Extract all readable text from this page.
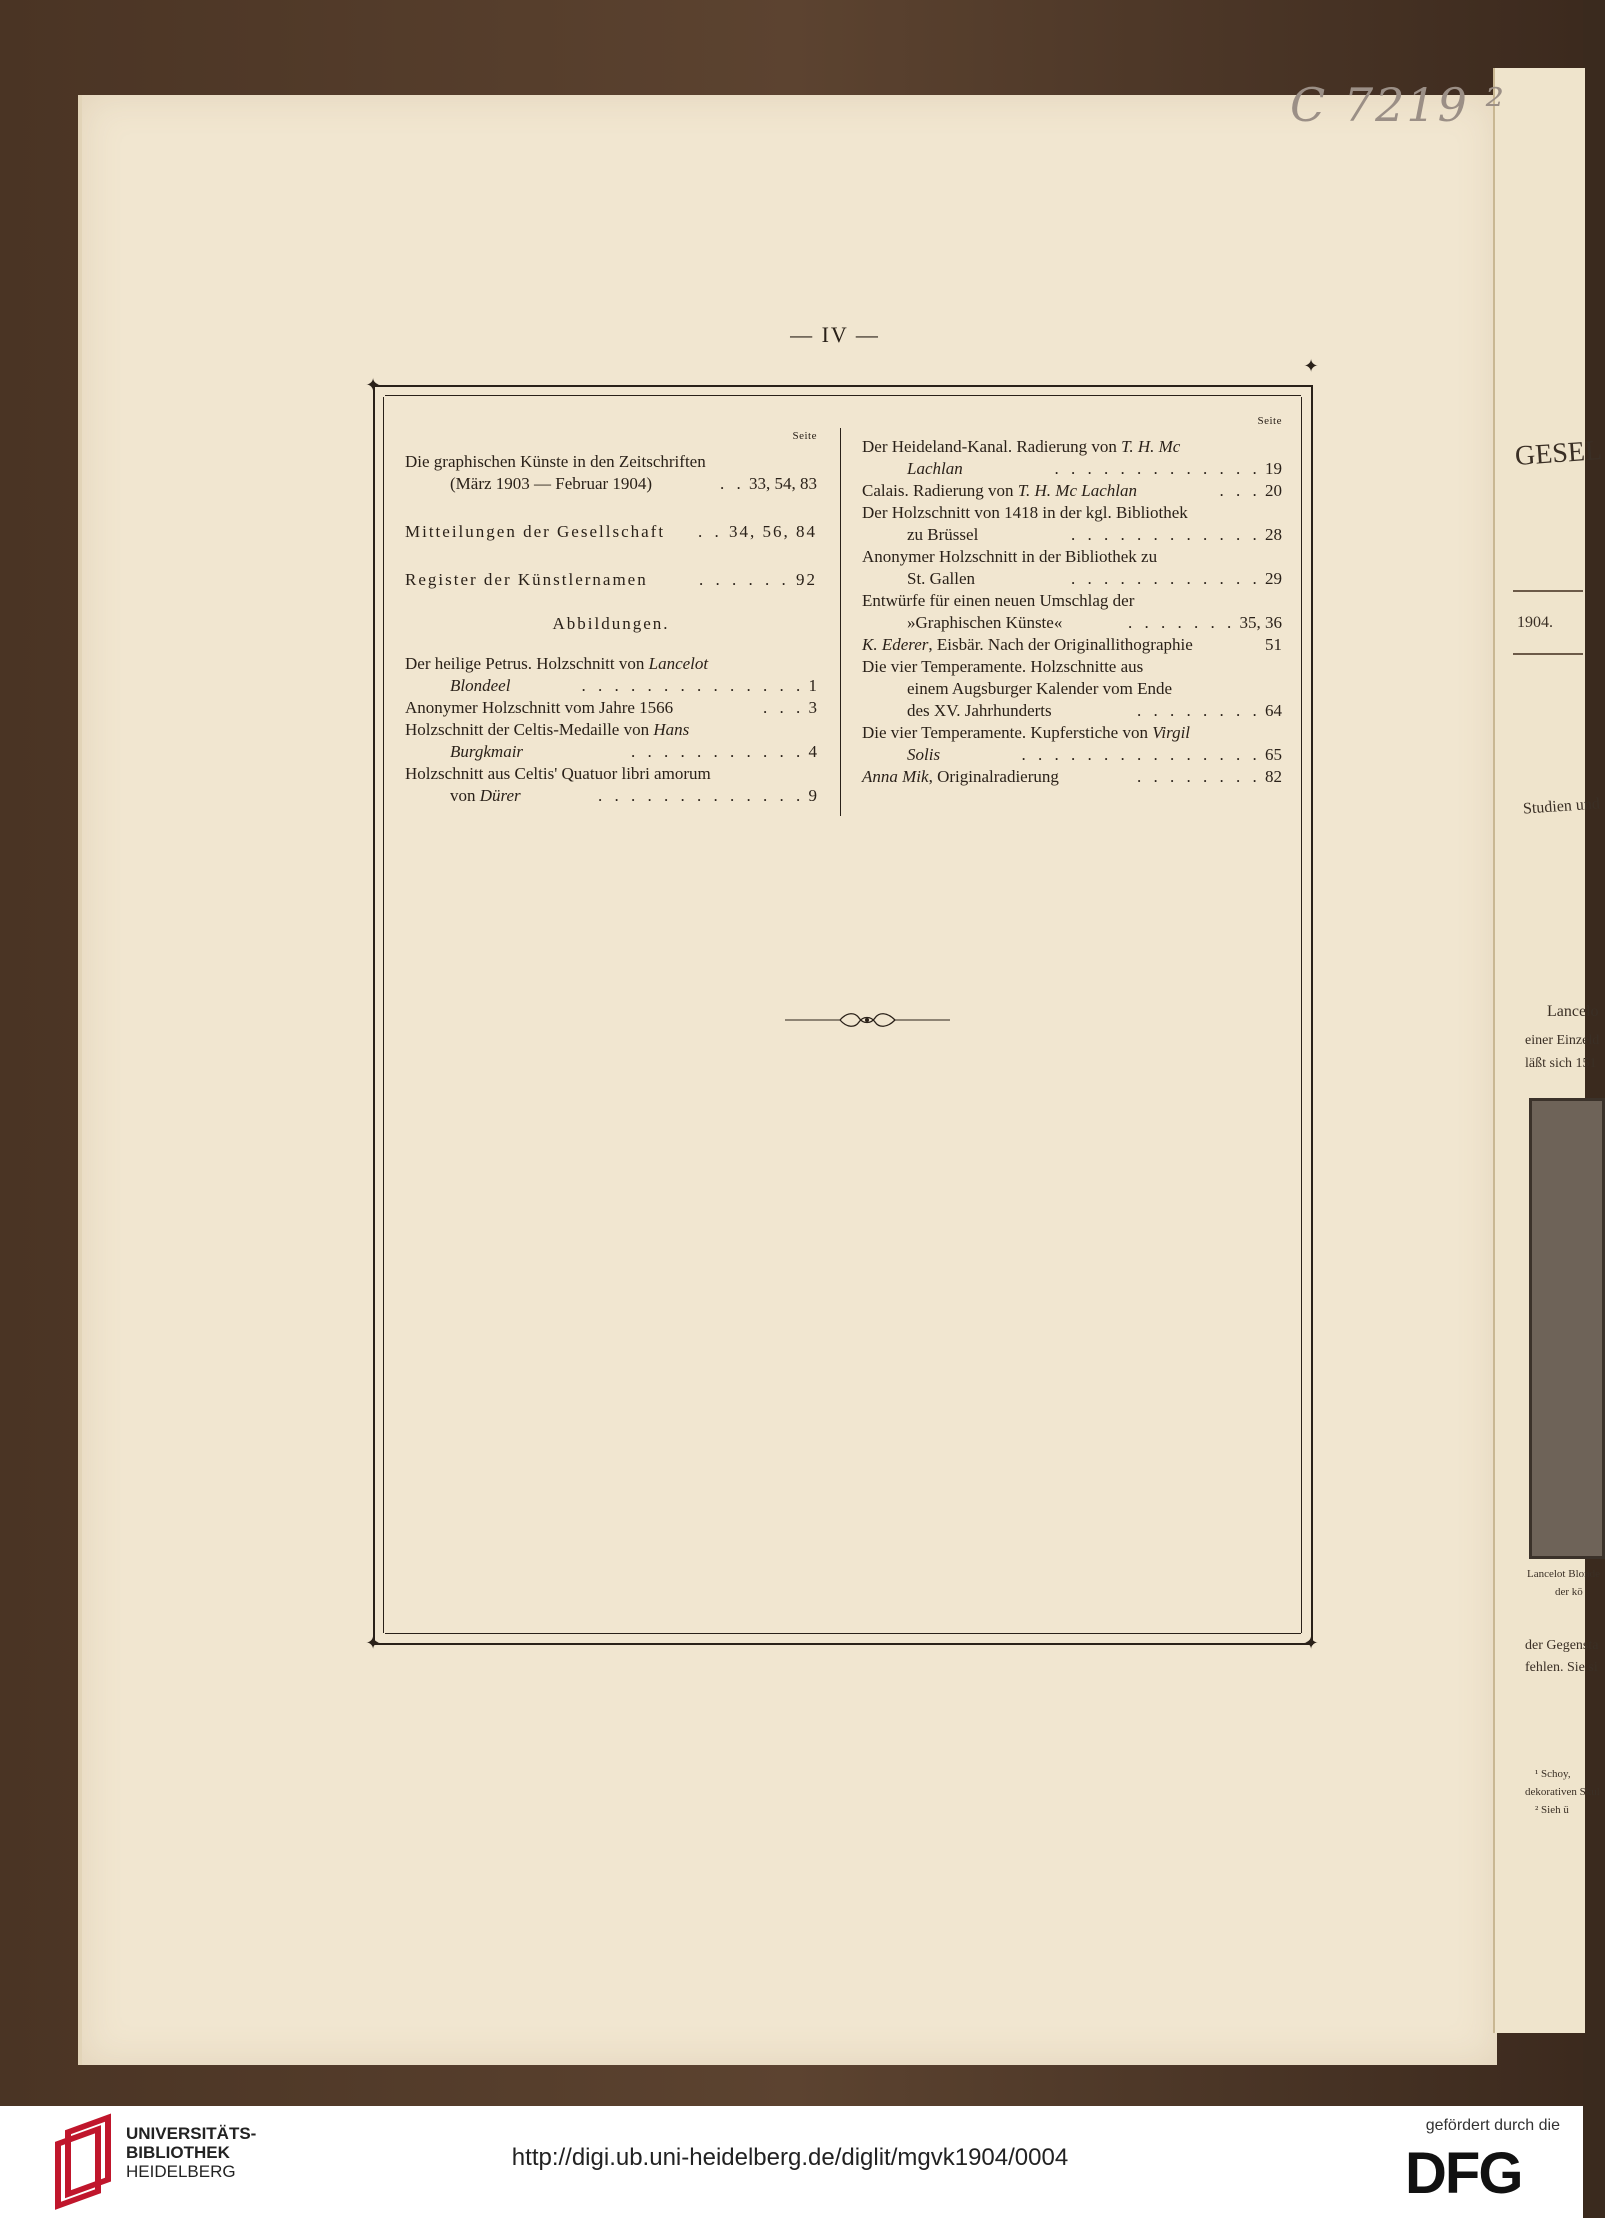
GESEL
1904.
Studien und
Lancelo
einer Einzeld
läßt sich 151
Lancelot Blonde
der kö
der Gegensta
fehlen. Sie si
¹ Schoy,
dekorativen Skul
² Sieh ü
C 7219 ²
— IV —
✦
✦
✦	✦
Seite
Die graphischen Künste in den Zeitschriften
(März 1903 — Februar 1904)	. . 33, 54, 83
Mitteilungen der Gesellschaft	. . 34, 56, 84
Register der Künstlernamen	. . . . . . 92
Abbildungen.
Der heilige Petrus. Holzschnitt von Lancelot
Blondeel	. . . . . . . . . . . . . . 1
Anonymer Holzschnitt vom Jahre 1566	. . . 3
Holzschnitt der Celtis-Medaille von Hans
Burgkmair	. . . . . . . . . . . 4
Holzschnitt aus Celtis' Quatuor libri amorum
von Dürer	. . . . . . . . . . . . . 9
Seite
Der Heideland-Kanal. Radierung von T. H. Mc
Lachlan	. . . . . . . . . . . . . 19
Calais. Radierung von T. H. Mc Lachlan	. . . 20
Der Holzschnitt von 1418 in der kgl. Bibliothek
zu Brüssel	. . . . . . . . . . . . 28
Anonymer Holzschnitt in der Bibliothek zu
St. Gallen	. . . . . . . . . . . . 29
Entwürfe für einen neuen Umschlag der
»Graphischen Künste«	. . . . . . . 35, 36
K. Ederer, Eisbär. Nach der Originallithographie	51
Die vier Temperamente. Holzschnitte aus
einem Augsburger Kalender vom Ende
des XV. Jahrhunderts	. . . . . . . . 64
Die vier Temperamente. Kupferstiche von Virgil
Solis	. . . . . . . . . . . . . . . 65
Anna Mik, Originalradierung	. . . . . . . . 82
UNIVERSITÄTS-
BIBLIOTHEK
HEIDELBERG
http://digi.ub.uni-heidelberg.de/diglit/mgvk1904/0004
gefördert durch die
DFG
